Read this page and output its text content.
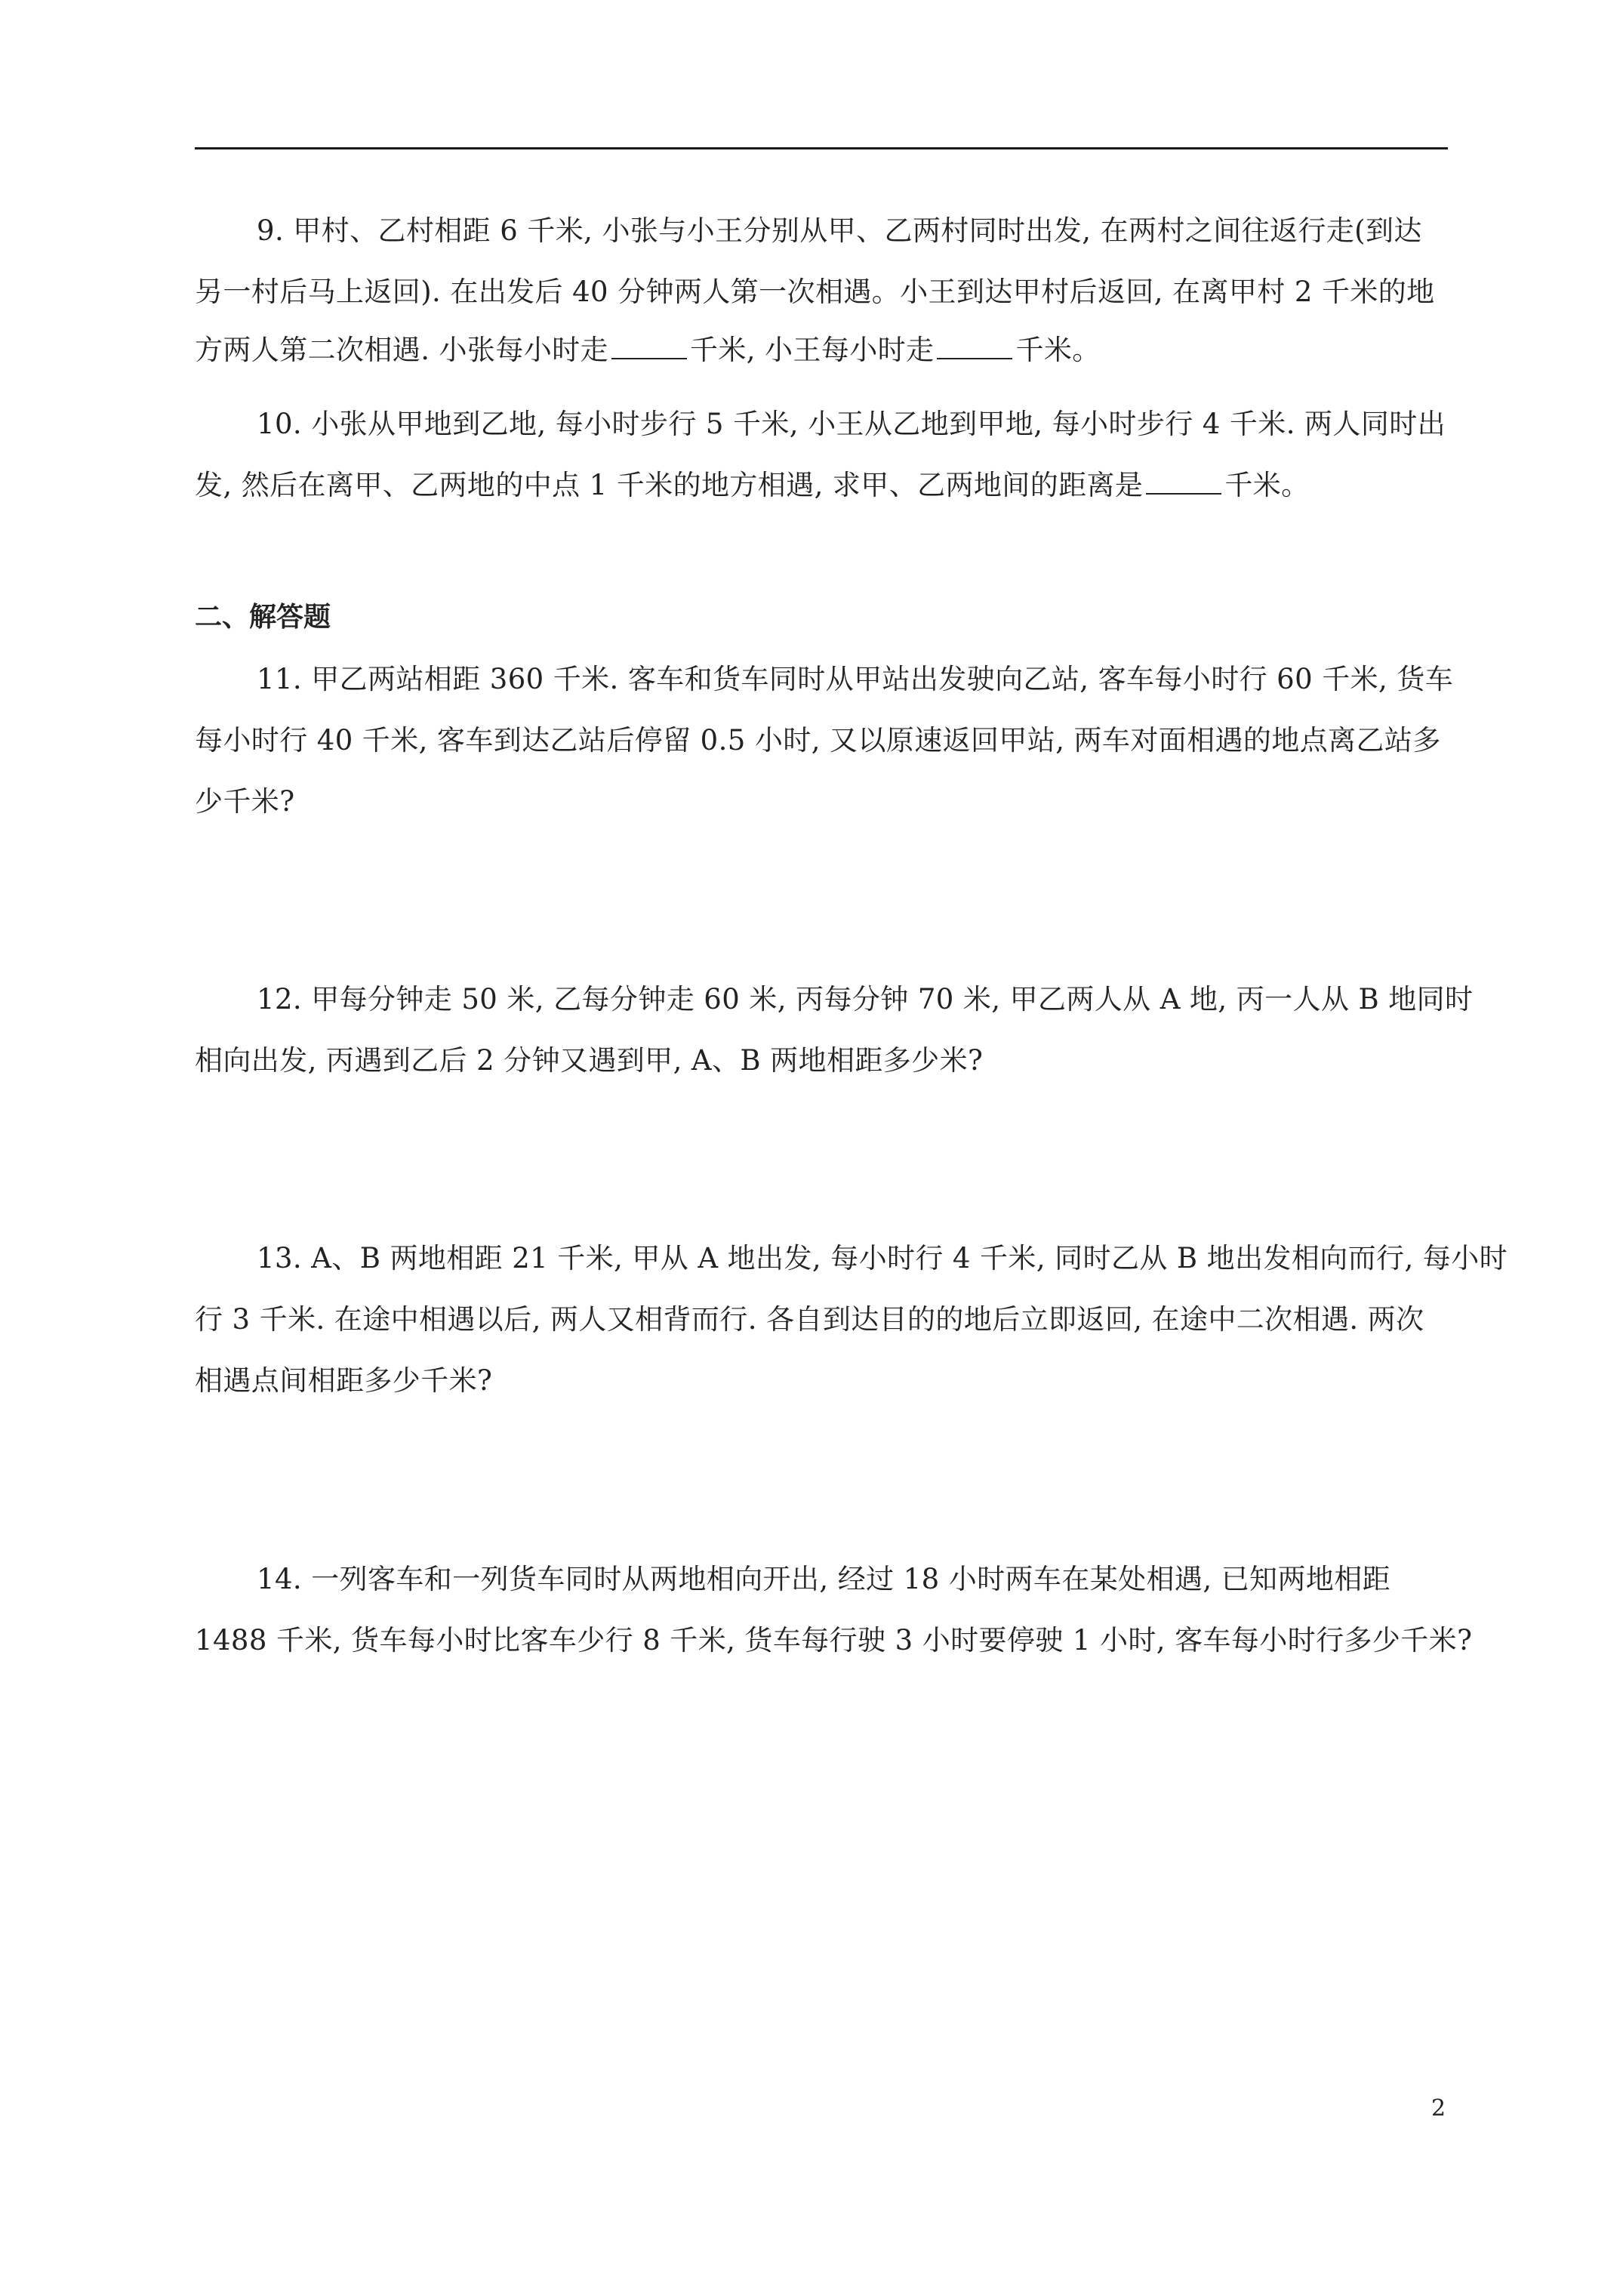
9. 甲村、乙村相距 6 千米, 小张与小王分别从甲、乙两村同时出发, 在两村之间往返行走(到达
另一村后马上返回). 在出发后 40 分钟两人第一次相遇。小王到达甲村后返回, 在离甲村 2 千米的地
方两人第二次相遇. 小张每小时走	千米, 小王每小时走	千米。
10. 小张从甲地到乙地, 每小时步行 5 千米, 小王从乙地到甲地, 每小时步行 4 千米. 两人同时出
发, 然后在离甲、乙两地的中点 1 千米的地方相遇, 求甲、乙两地间的距离是	千米。
二、解答题
11. 甲乙两站相距 360 千米. 客车和货车同时从甲站出发驶向乙站, 客车每小时行 60 千米, 货车
每小时行 40 千米, 客车到达乙站后停留 0.5 小时, 又以原速返回甲站, 两车对面相遇的地点离乙站多
少千米?
12. 甲每分钟走 50 米, 乙每分钟走 60 米, 丙每分钟 70 米, 甲乙两人从 A 地, 丙一人从 B 地同时
相向出发, 丙遇到乙后 2 分钟又遇到甲, A、B 两地相距多少米?
13. A、B 两地相距 21 千米, 甲从 A 地出发, 每小时行 4 千米, 同时乙从 B 地出发相向而行, 每小时
行 3 千米. 在途中相遇以后, 两人又相背而行. 各自到达目的的地后立即返回, 在途中二次相遇. 两次
相遇点间相距多少千米?
14. 一列客车和一列货车同时从两地相向开出, 经过 18 小时两车在某处相遇, 已知两地相距
1488 千米, 货车每小时比客车少行 8 千米, 货车每行驶 3 小时要停驶 1 小时, 客车每小时行多少千米?
2
